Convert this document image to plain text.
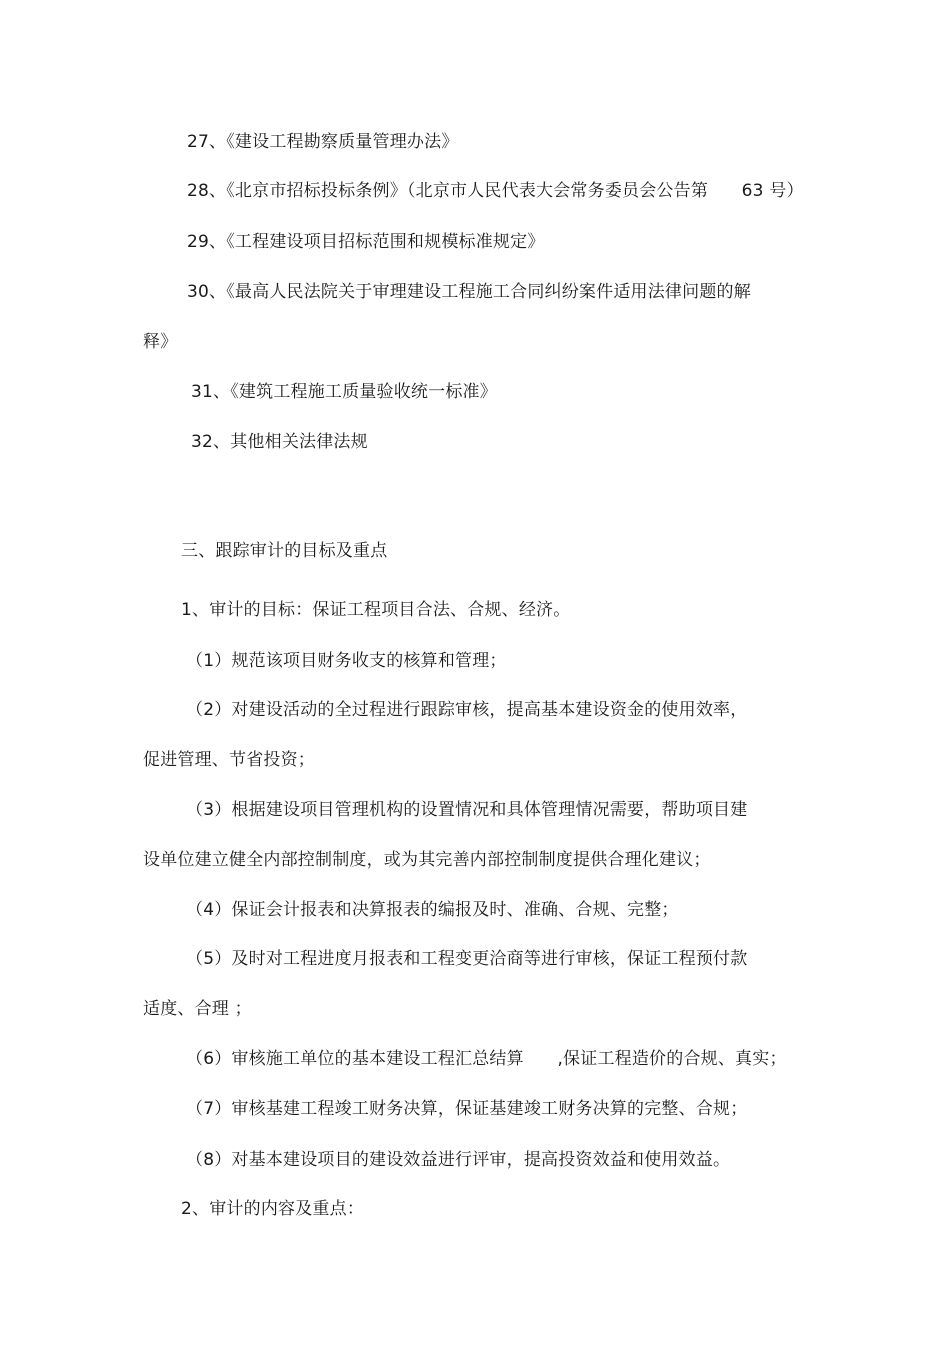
27、《建设工程勘察质量管理办法》
28、《北京市招标投标条例》（北京市人民代表大会常务委员会公告第      63 号）
29、《工程建设项目招标范围和规模标准规定》
30、《最高人民法院关于审理建设工程施工合同纠纷案件适用法律问题的解
释》
31、《建筑工程施工质量验收统一标准》
32、其他相关法律法规
三、跟踪审计的目标及重点
1、审计的目标：保证工程项目合法、合规、经济。
（1）规范该项目财务收支的核算和管理；
（2）对建设活动的全过程进行跟踪审核，提高基本建设资金的使用效率，
促进管理、节省投资；
（3）根据建设项目管理机构的设置情况和具体管理情况需要，帮助项目建
设单位建立健全内部控制制度，或为其完善内部控制制度提供合理化建议；
（4）保证会计报表和决算报表的编报及时、准确、合规、完整；
（5）及时对工程进度月报表和工程变更洽商等进行审核，保证工程预付款
适度、合理 ；
（6）审核施工单位的基本建设工程汇总结算      ,保证工程造价的合规、真实；
（7）审核基建工程竣工财务决算，保证基建竣工财务决算的完整、合规；
（8）对基本建设项目的建设效益进行评审，提高投资效益和使用效益。
2、审计的内容及重点：
